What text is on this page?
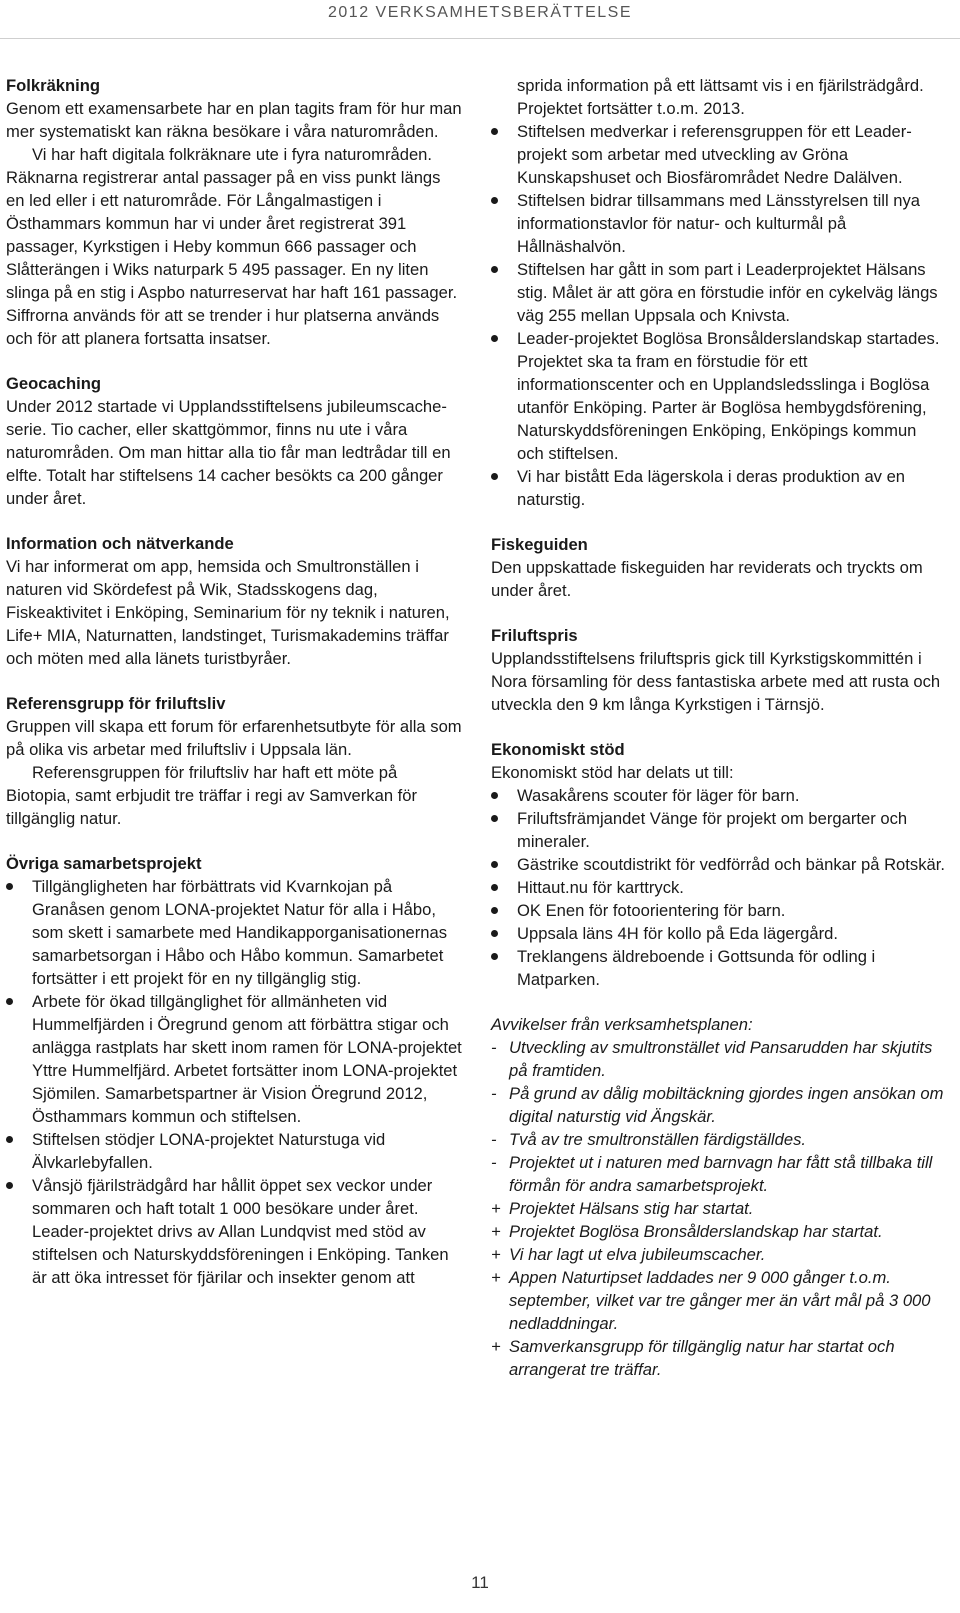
2012 VERKSAMHETSBERÄTTELSE
Folkräkning

Genom ett examensarbete har en plan tagits fram för hur man mer systematiskt kan räkna besökare i våra naturområden.

Vi har haft digitala folkräknare ute i fyra naturområden. Räknarna registrerar antal passager på en viss punkt längs en led eller i ett naturområde. För Långalmastigen i Östhammars kommun har vi under året registrerat 391 passager, Kyrkstigen i Heby kommun 666 passager och Slåtterängen i Wiks naturpark 5 495 passager. En ny liten slinga på en stig i Aspbo naturreservat har haft 161 passager. Siffrorna används för att se trender i hur platserna används och för att planera fortsatta insatser.

Geocaching

Under 2012 startade vi Upplandsstiftelsens jubileumscache-serie. Tio cacher, eller skattgömmor, finns nu ute i våra naturområden. Om man hittar alla tio får man ledtrådar till en elfte. Totalt har stiftelsens 14 cacher besökts ca 200 gånger under året.

Information och nätverkande

Vi har informerat om app, hemsida och Smultronställen i naturen vid Skördefest på Wik, Stadsskogens dag, Fiskeaktivitet i Enköping, Seminarium för ny teknik i naturen, Life+ MIA, Naturnatten, landstinget, Turismakademins träffar och möten med alla länets turistbyråer.

Referensgrupp för friluftsliv

Gruppen vill skapa ett forum för erfarenhetsutbyte för alla som på olika vis arbetar med friluftsliv i Uppsala län.

Referensgruppen för friluftsliv har haft ett möte på Biotopia, samt erbjudit tre träffar i regi av Samverkan för tillgänglig natur.

Övriga samarbetsprojekt
Tillgängligheten har förbättrats vid Kvarnkojan på Granåsen genom LONA-projektet Natur för alla i Håbo, som skett i samarbete med Handikapporganisationernas samarbetsorgan i Håbo och Håbo kommun. Samarbetet fortsätter i ett projekt för en ny tillgänglig stig.
Arbete för ökad tillgänglighet för allmänheten vid Hummelfjärden i Öregrund genom att förbättra stigar och anlägga rastplats har skett inom ramen för LONA-projektet Yttre Hummelfjärd. Arbetet fortsätter inom LONA-projektet Sjömilen. Samarbetspartner är Vision Öregrund 2012, Östhammars kommun och stiftelsen.
Stiftelsen stödjer LONA-projektet Naturstuga vid Älvkarlebyfallen.
Vånsjö fjärilsträdgård har hållit öppet sex veckor under sommaren och haft totalt 1 000 besökare under året. Leader-projektet drivs av Allan Lundqvist med stöd av stiftelsen och Naturskyddsföreningen i Enköping. Tanken är att öka intresset för fjärilar och insekter genom att

sprida information på ett lättsamt vis i en fjärilsträdgård. Projektet fortsätter t.o.m. 2013.

Stiftelsen medverkar i referensgruppen för ett Leader-projekt som arbetar med utveckling av Gröna Kunskapshuset och Biosfärområdet Nedre Dalälven.
Stiftelsen bidrar tillsammans med Länsstyrelsen till nya informationstavlor för natur- och kulturmål på Hållnäshalvön.
Stiftelsen har gått in som part i Leaderprojektet Hälsans stig. Målet är att göra en förstudie inför en cykelväg längs väg 255 mellan Uppsala och Knivsta.
Leader-projektet Boglösa Bronsålderslandskap startades. Projektet ska ta fram en förstudie för ett informationscenter och en Upplandsledsslinga i Boglösa utanför Enköping. Parter är Boglösa hembygdsförening, Naturskyddsföreningen Enköping, Enköpings kommun och stiftelsen.
Vi har bistått Eda lägerskola i deras produktion av en naturstig.
Fiskeguiden

Den uppskattade fiskeguiden har reviderats och tryckts om under året.

Friluftspris

Upplandsstiftelsens friluftspris gick till Kyrkstigskommittén i Nora församling för dess fantastiska arbete med att rusta och utveckla den 9 km långa Kyrkstigen i Tärnsjö.

Ekonomiskt stöd

Ekonomiskt stöd har delats ut till:

Wasakårens scouter för läger för barn.
Friluftsfrämjandet Vänge för projekt om bergarter och mineraler.
Gästrike scoutdistrikt för vedförråd och bänkar på Rotskär.
Hittaut.nu för karttryck.
OK Enen för fotoorientering för barn.
Uppsala läns 4H för kollo på Eda lägergård.
Treklangens äldreboende i Gottsunda för odling i Matparken.

Avvikelser från verksamhetsplanen:

- Utveckling av smultronstället vid Pansarudden har skjutits på framtiden.
- På grund av dålig mobiltäckning gjordes ingen ansökan om digital naturstig vid Ängskär.
- Två av tre smultronställen färdigställdes.
- Projektet ut i naturen med barnvagn har fått stå tillbaka till förmån för andra samarbetsprojekt.
+ Projektet Hälsans stig har startat.
+ Projektet Boglösa Bronsålderslandskap har startat.
+ Vi har lagt ut elva jubileumscacher.
+ Appen Naturtipset laddades ner 9 000 gånger t.o.m. september, vilket var tre gånger mer än vårt mål på 3 000 nedladdningar.
+ Samverkansgrupp för tillgänglig natur har startat och arrangerat tre träffar.
11
